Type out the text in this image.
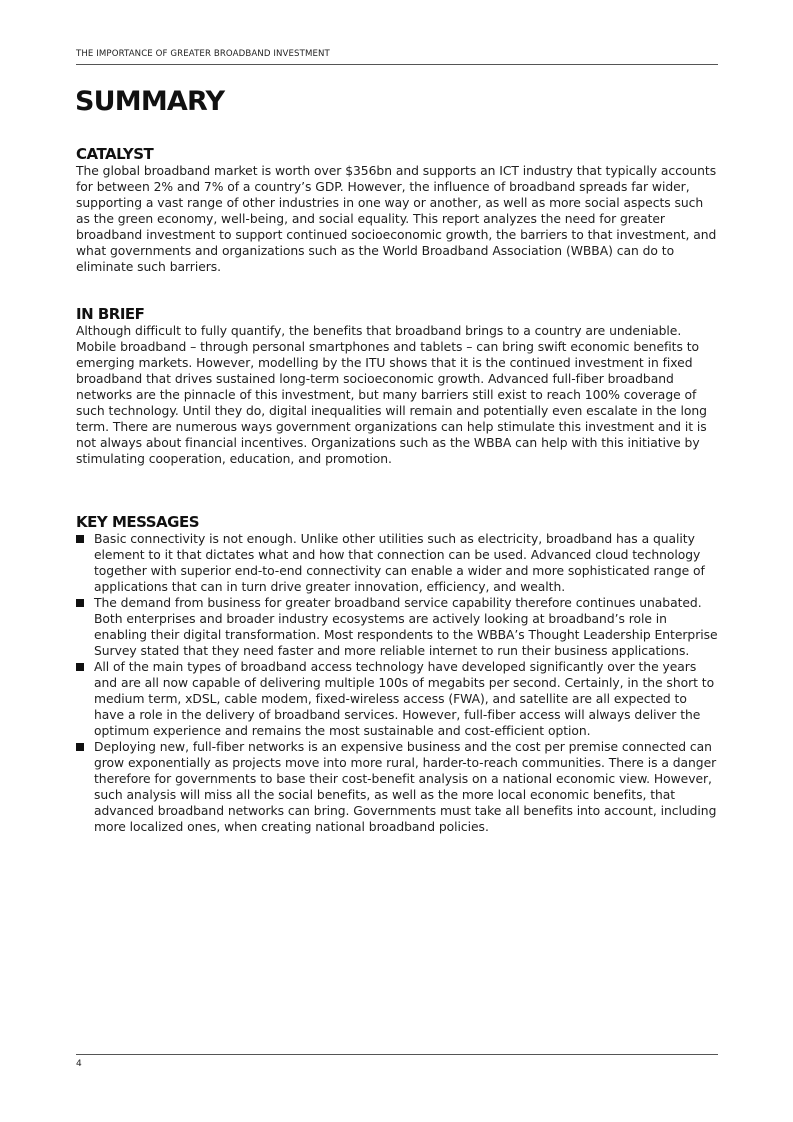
THE IMPORTANCE OF GREATER BROADBAND INVESTMENT
SUMMARY
CATALYST

The global broadband market is worth over $356bn and supports an ICT industry that typically accounts for between 2% and 7% of a country’s GDP. However, the influence of broadband spreads far wider, supporting a vast range of other industries in one way or another, as well as more social aspects such as the green economy, well-being, and social equality. This report analyzes the need for greater broadband investment to support continued socioeconomic growth, the barriers to that investment, and what governments and organizations such as the World Broadband Association (WBBA) can do to eliminate such barriers.

IN BRIEF

Although difficult to fully quantify, the benefits that broadband brings to a country are undeniable. Mobile broadband – through personal smartphones and tablets – can bring swift economic benefits to emerging markets. However, modelling by the ITU shows that it is the continued investment in fixed broadband that drives sustained long-term socioeconomic growth. Advanced full-fiber broadband networks are the pinnacle of this investment, but many barriers still exist to reach 100% coverage of such technology. Until they do, digital inequalities will remain and potentially even escalate in the long term. There are numerous ways government organizations can help stimulate this investment and it is not always about financial incentives. Organizations such as the WBBA can help with this initiative by stimulating cooperation, education, and promotion.

KEY MESSAGES
Basic connectivity is not enough. Unlike other utilities such as electricity, broadband has a quality element to it that dictates what and how that connection can be used. Advanced cloud technology together with superior end-to-end connectivity can enable a wider and more sophisticated range of applications that can in turn drive greater innovation, efficiency, and wealth.
The demand from business for greater broadband service capability therefore continues unabated. Both enterprises and broader industry ecosystems are actively looking at broadband’s role in enabling their digital transformation. Most respondents to the WBBA’s Thought Leadership Enterprise Survey stated that they need faster and more reliable internet to run their business applications.
All of the main types of broadband access technology have developed significantly over the years and are all now capable of delivering multiple 100s of megabits per second. Certainly, in the short to medium term, xDSL, cable modem, fixed-wireless access (FWA), and satellite are all expected to have a role in the delivery of broadband services. However, full-fiber access will always deliver the optimum experience and remains the most sustainable and cost-efficient option.
Deploying new, full-fiber networks is an expensive business and the cost per premise connected can grow exponentially as projects move into more rural, harder-to-reach communities. There is a danger therefore for governments to base their cost-benefit analysis on a national economic view. However, such analysis will miss all the social benefits, as well as the more local economic benefits, that advanced broadband networks can bring. Governments must take all benefits into account, including more localized ones, when creating national broadband policies.
4
